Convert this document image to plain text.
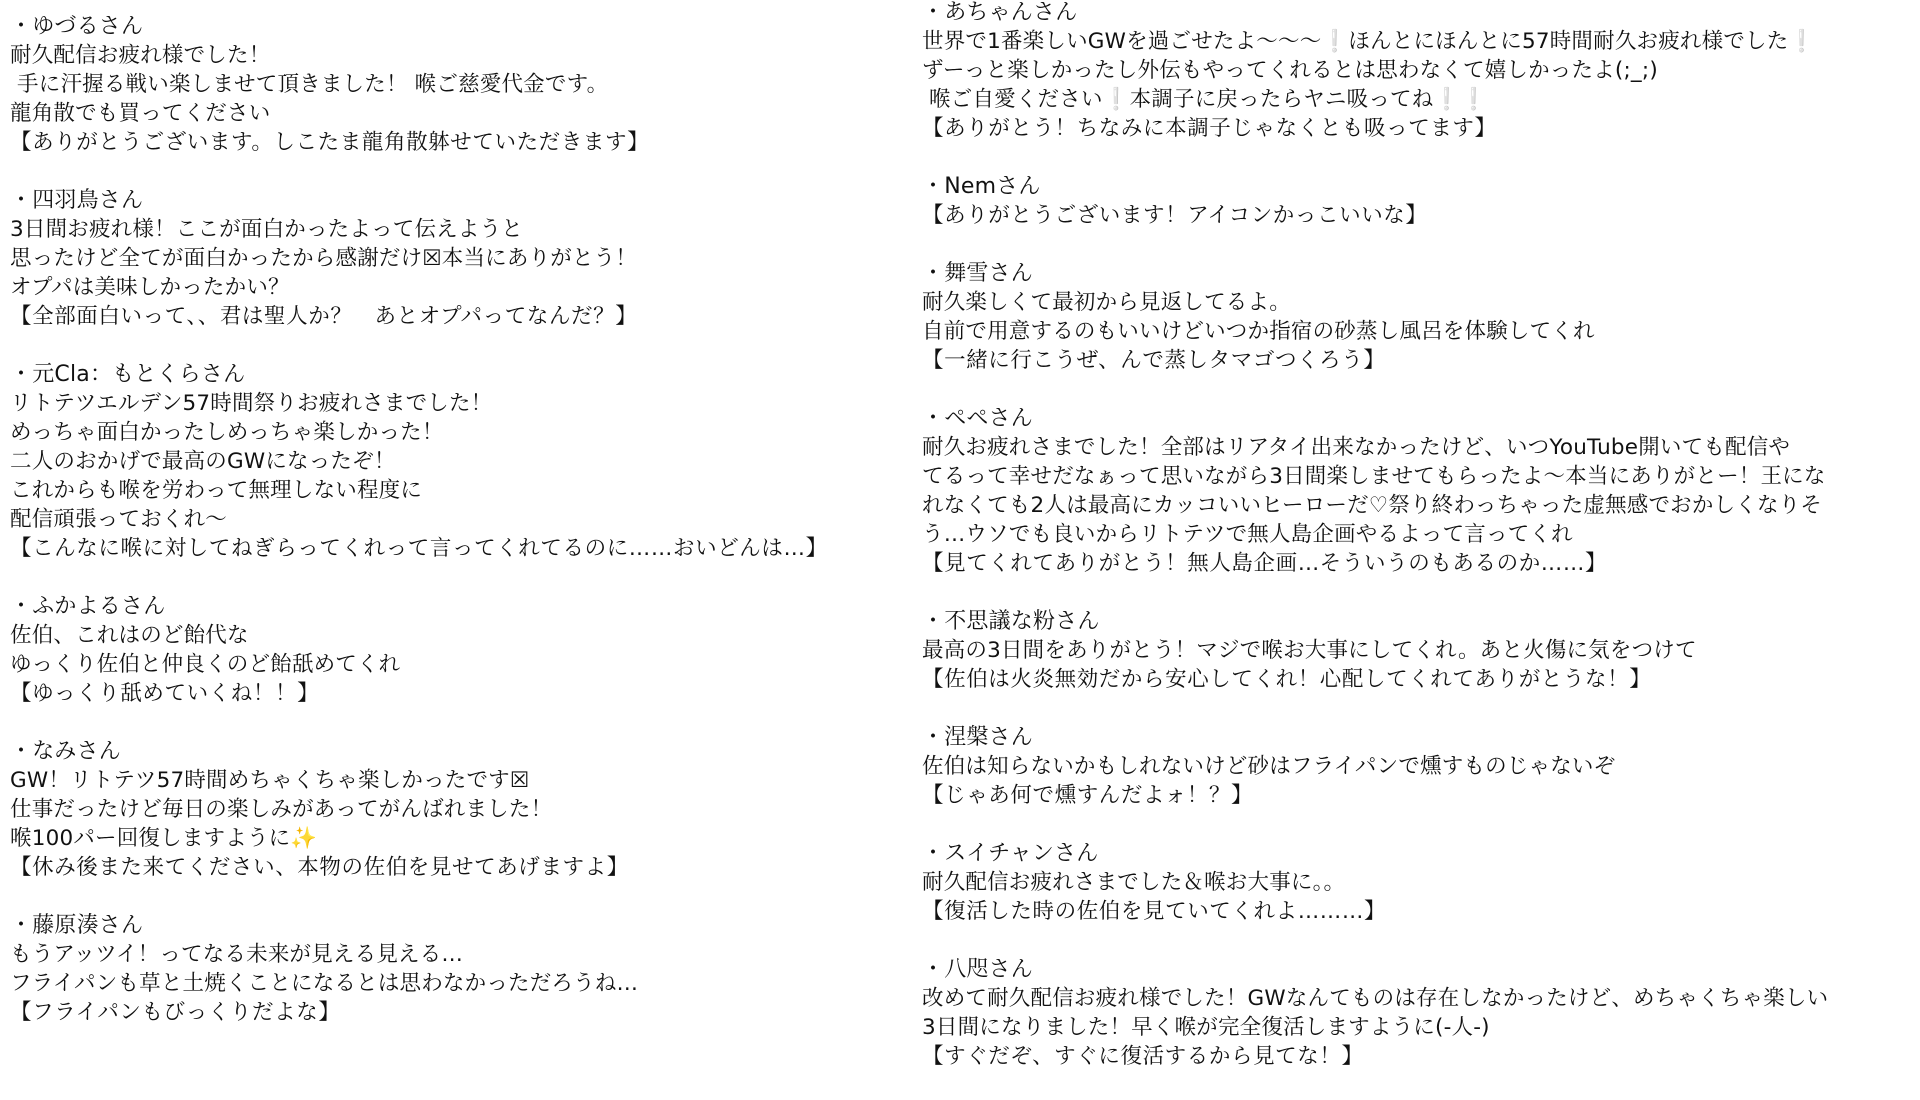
・ゆづるさん
耐久配信お疲れ様でした！
手に汗握る戦い楽しませて頂きました！ 喉ご慈愛代金です。
龍角散でも買ってください
【ありがとうございます。しこたま龍角散躰せていただきます】
・四羽鳥さん
3日間お疲れ様！ここが面白かったよって伝えようと
思ったけど全てが面白かったから感謝だけ☒本当にありがとう！
オプパは美味しかったかい？
【全部面白いって、、君は聖人か？　あとオプパってなんだ？】
・元Cla：もとくらさん
リトテツエルデン57時間祭りお疲れさまでした！
めっちゃ面白かったしめっちゃ楽しかった！
二人のおかげで最高のGWになったぞ！
これからも喉を労わって無理しない程度に
配信頑張っておくれ〜
【こんなに喉に対してねぎらってくれって言ってくれてるのに……おいどんは…】
・ふかよるさん
佐伯、これはのど飴代な
ゆっくり佐伯と仲良くのど飴舐めてくれ
【ゆっくり舐めていくね！！】
・なみさん
GW！リトテツ57時間めちゃくちゃ楽しかったです☒
仕事だったけど毎日の楽しみがあってがんばれました！
喉100パー回復しますように✨
【休み後また来てください、本物の佐伯を見せてあげますよ】
・藤原湊さん
もうアッツイ！ってなる未来が見える見える…
フライパンも草と土焼くことになるとは思わなかっただろうね…
【フライパンもびっくりだよな】
・あちゃんさん
世界で1番楽しいGWを過ごせたよ〜〜〜❕ほんとにほんとに57時間耐久お疲れ様でした❕
ずーっと楽しかったし外伝もやってくれるとは思わなくて嬉しかったよ(;_;)
喉ご自愛ください❕本調子に戻ったらヤニ吸ってね❕❕
【ありがとう！ちなみに本調子じゃなくとも吸ってます】
・Nemさん
【ありがとうございます！アイコンかっこいいな】
・舞雪さん
耐久楽しくて最初から見返してるよ。
自前で用意するのもいいけどいつか指宿の砂蒸し風呂を体験してくれ
【一緒に行こうぜ、んで蒸しタマゴつくろう】
・ペペさん
耐久お疲れさまでした！全部はリアタイ出来なかったけど、いつYouTube開いても配信や
てるって幸せだなぁって思いながら3日間楽しませてもらったよ〜本当にありがとー！王にな
れなくても2人は最高にカッコいいヒーローだ♡祭り終わっちゃった虚無感でおかしくなりそ
う…ウソでも良いからリトテツで無人島企画やるよって言ってくれ
【見てくれてありがとう！無人島企画…そういうのもあるのか……】
・不思議な粉さん
最高の3日間をありがとう！マジで喉お大事にしてくれ。あと火傷に気をつけて
【佐伯は火炎無効だから安心してくれ！心配してくれてありがとうな！】
・涅槃さん
佐伯は知らないかもしれないけど砂はフライパンで燻すものじゃないぞ
【じゃあ何で燻すんだよォ！？】
・スイチャンさん
耐久配信お疲れさまでした＆喉お大事に。。
【復活した時の佐伯を見ていてくれよ………】
・八咫さん
改めて耐久配信お疲れ様でした！GWなんてものは存在しなかったけど、めちゃくちゃ楽しい
3日間になりました！早く喉が完全復活しますように(-人-)
【すぐだぞ、すぐに復活するから見てな！】
